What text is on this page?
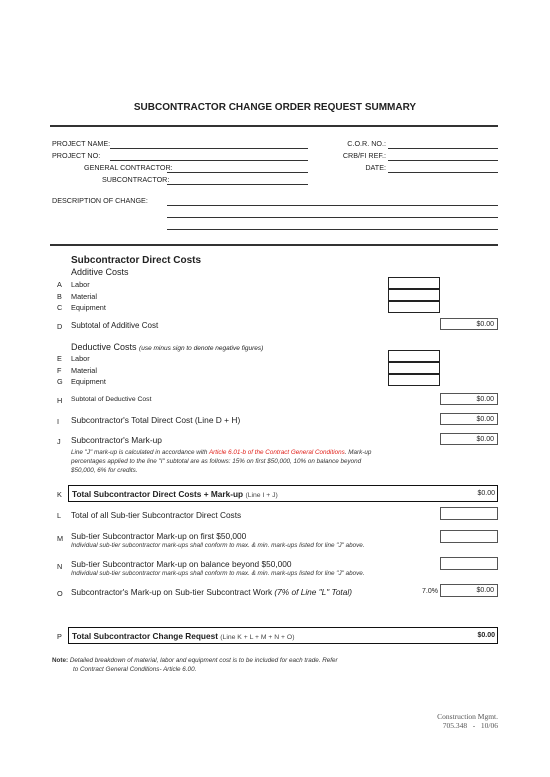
SUBCONTRACTOR CHANGE ORDER REQUEST SUMMARY
PROJECT NAME:
PROJECT NO:
GENERAL CONTRACTOR:
SUBCONTRACTOR:
C.O.R. NO.:
CRB/FI REF.:
DATE:
DESCRIPTION OF CHANGE:
Subcontractor Direct Costs
Additive Costs
A Labor
B Material
C Equipment
D Subtotal of Additive Cost	$0.00
Deductive Costs (use minus sign to denote negative figures)
E Labor
F Material
G Equipment
H Subtotal of Deductive Cost	$0.00
I Subcontractor's Total Direct Cost (Line D + H)	$0.00
J Subcontractor's Mark-up	$0.00
Line "J" mark-up is calculated in accordance with Article 6.01-b of the Contract General Conditions. Mark-up percentages applied to the line "I" subtotal are as follows: 15% on first $50,000, 10% on balance beyond $50,000, 6% for credits.
K Total Subcontractor Direct Costs + Mark-up (Line I + J)	$0.00
L Total of all Sub-tier Subcontractor Direct Costs
M Sub-tier Subcontractor Mark-up on first $50,000
Individual sub-tier subcontractor mark-ups shall conform to max. & min. mark-ups listed for line "J" above.
N Sub-tier Subcontractor Mark-up on balance beyond $50,000
Individual sub-tier subcontractor mark-ups shall conform to max. & min. mark-ups listed for line "J" above.
O Subcontractor's Mark-up on Sub-tier Subcontract Work (7% of Line "L" Total)	7.0%	$0.00
P Total Subcontractor Change Request (Line K + L + M + N + O)	$0.00
Note: Detailed breakdown of material, labor and equipment cost is to be included for each trade. Refer
to Contract General Conditions- Article 6.00.
Construction Mgmt.
705.348   -   10/06
